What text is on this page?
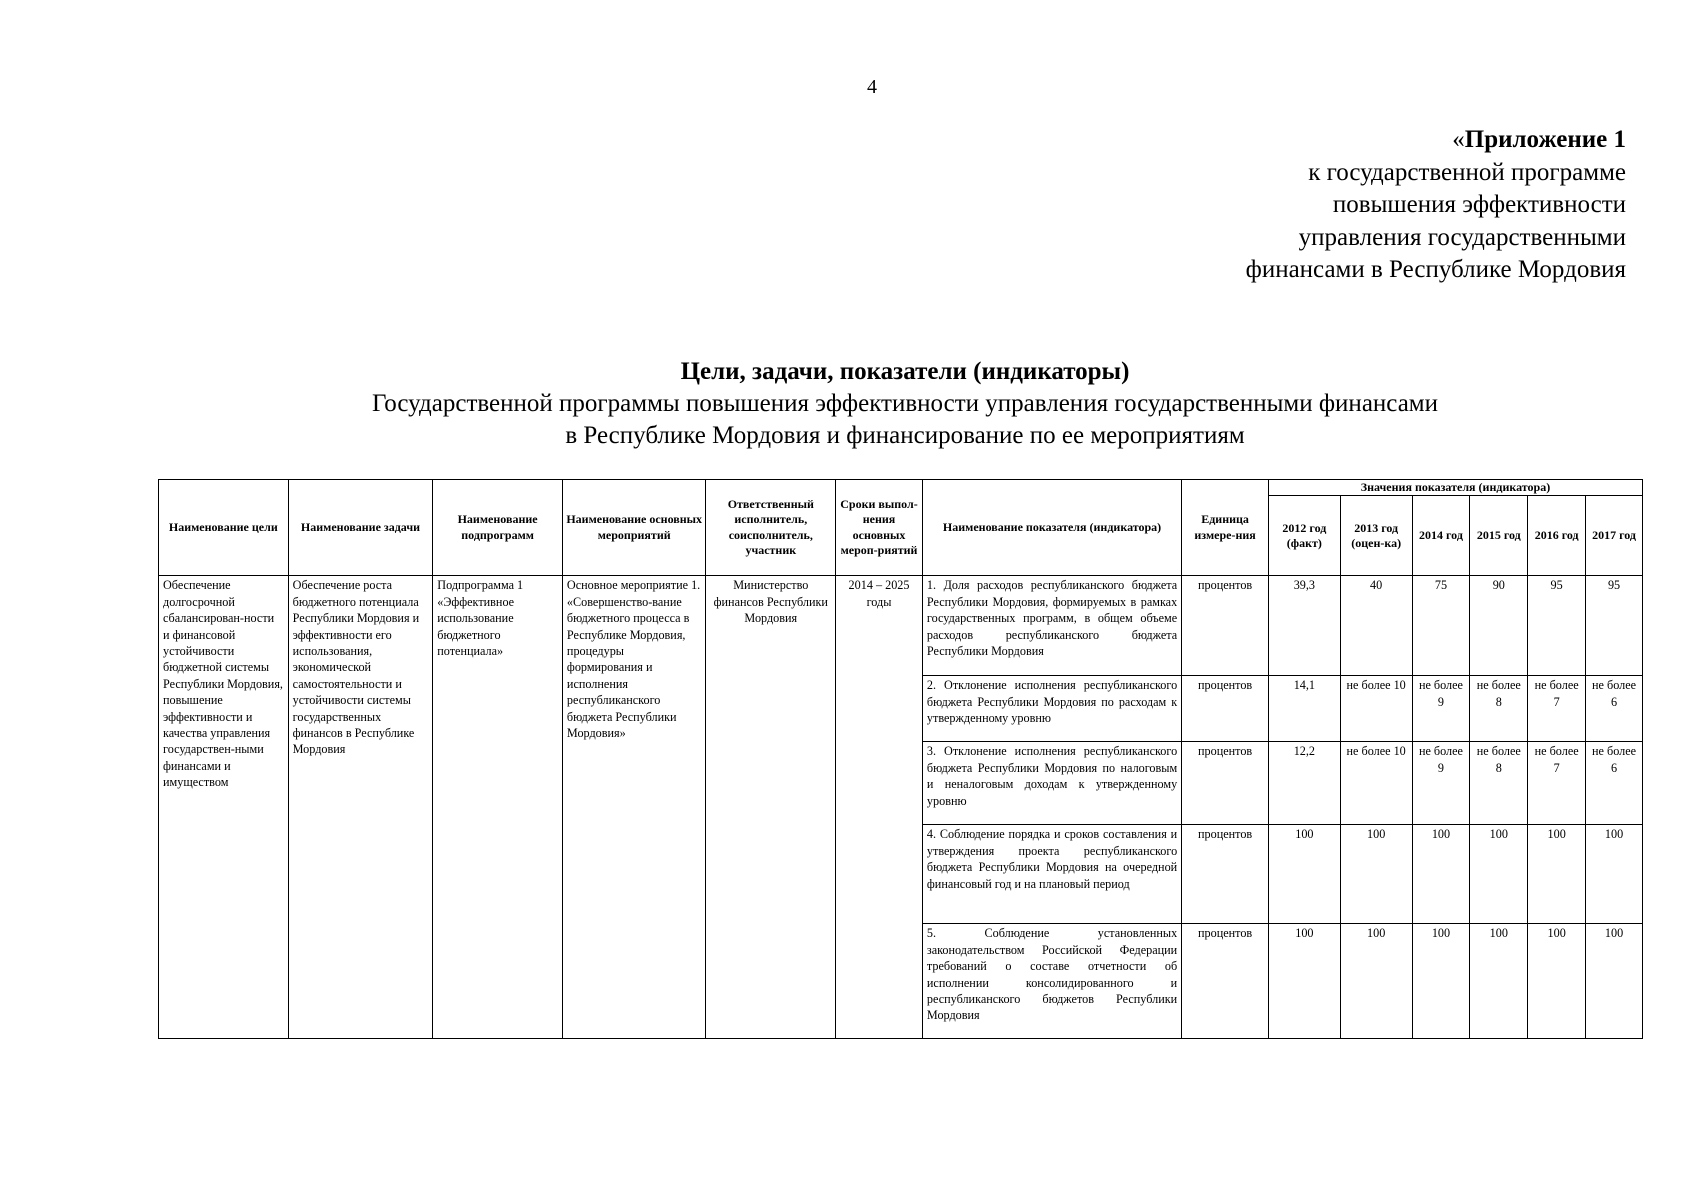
4
«Приложение 1
к государственной программе
повышения эффективности
управления государственными
финансами в Республике Мордовия
Цели, задачи, показатели (индикаторы)
Государственной программы повышения эффективности управления государственными финансами
в Республике Мордовия и финансирование по ее мероприятиям
Наименование цели	Наименование задачи	Наименование подпрограмм	Наименование основных мероприятий	Ответственный исполнитель, соисполнитель, участник	Сроки выпол-нения основных мероп-риятий	Наименование показателя (индикатора)	Единица измере-ния	Значения показателя (индикатора)					
								2012 год (факт)	2013 год (оцен-ка)	2014 год	2015 год	2016 год	2017 год
Обеспечение долгосрочной сбалансирован-ности и финансовой устойчивости бюджетной системы Республики Мордовия, повышение эффективности и качества управления государствен-ными финансами и имуществом	Обеспечение роста бюджетного потенциала Республики Мордовия и эффективности его использования, экономической самостоятельности и устойчивости системы государственных финансов в Республике Мордовия	Подпрограмма 1 «Эффективное использование бюджетного потенциала»	Основное мероприятие 1. «Совершенство-вание бюджетного процесса в Республике Мордовия, процедуры формирования и исполнения республиканского бюджета Республики Мордовия»	Министерство финансов Республики Мордовия	2014 – 2025 годы	1. Доля расходов республиканского бюджета Республики Мордовия, формируемых в рамках государственных программ, в общем объеме расходов республиканского бюджета Республики Мордовия	процентов	39,3	40	75	90	95	95
						2. Отклонение исполнения республиканского бюджета Республики Мордовия по расходам к утвержденному уровню	процентов	14,1	не более 10	не более 9	не более 8	не более 7	не более 6
						3. Отклонение исполнения республиканского бюджета Республики Мордовия по налоговым и неналоговым доходам к утвержденному уровню	процентов	12,2	не более 10	не более 9	не более 8	не более 7	не более 6
						4. Соблюдение порядка и сроков составления и утверждения проекта республиканского бюджета Республики Мордовия на очередной финансовый год и на плановый период	процентов	100	100	100	100	100	100
						5. Соблюдение установленных законодательством Российской Федерации требований о составе отчетности об исполнении консолидированного и республиканского бюджетов Республики Мордовия	процентов	100	100	100	100	100	100
